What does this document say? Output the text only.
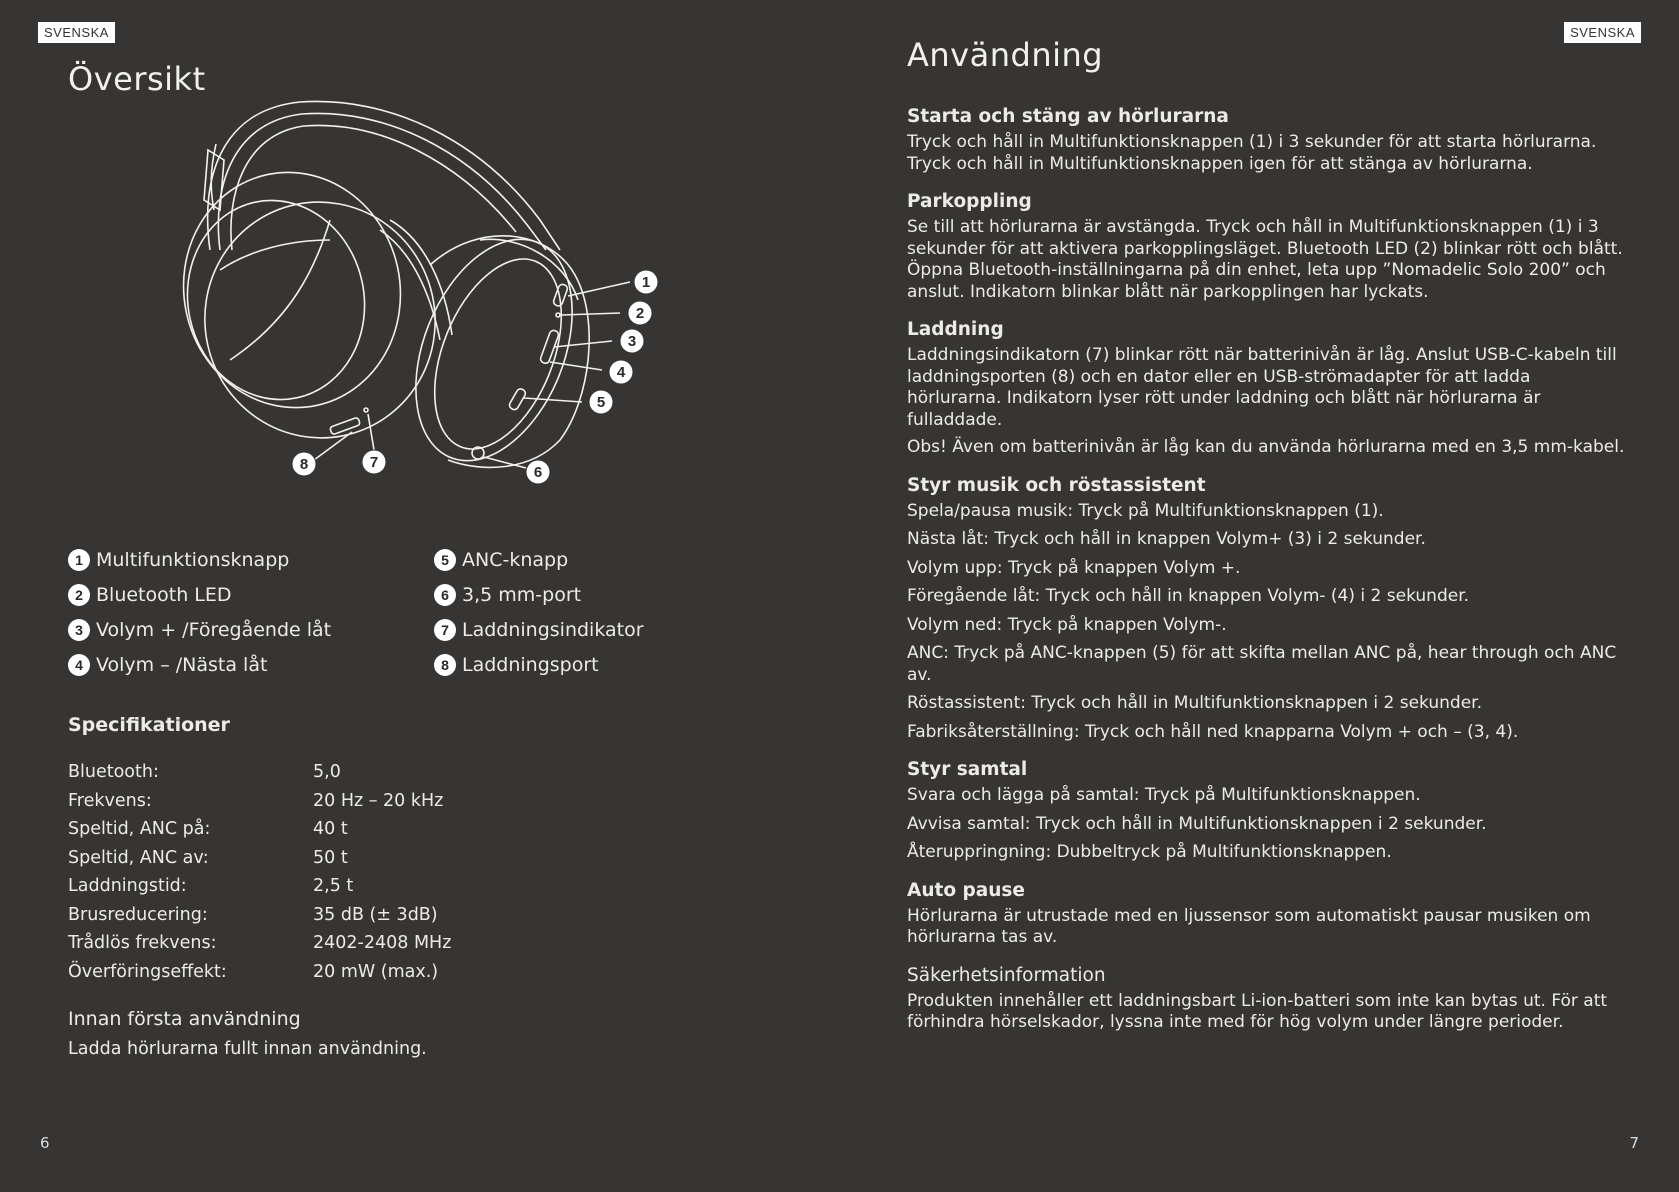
SVENSKA
Översikt
1
2
3
4
5
6
7
8
1 Multifunktionsknapp	5 ANC-knapp
2 Bluetooth LED	6 3,5 mm-port
3 Volym + /Föregående låt	7 Laddningsindikator
4 Volym – /Nästa låt	8 Laddningsport
Specifikationer
Bluetooth:	5,0
Frekvens:	20 Hz – 20 kHz
Speltid, ANC på:	40 t
Speltid, ANC av:	50 t
Laddningstid:	2,5 t
Brusreducering:	35 dB (± 3dB)
Trådlös frekvens:	2402-2408 MHz
Överföringseffekt:	20 mW (max.)
Innan första användning
Ladda hörlurarna fullt innan användning.
6
SVENSKA
Användning
Starta och stäng av hörlurarna

Tryck och håll in Multifunktionsknappen (1) i 3 sekunder för att starta hörlurarna. Tryck och håll in Multifunktionsknappen igen för att stänga av hörlurarna.

Parkoppling

Se till att hörlurarna är avstängda. Tryck och håll in Multifunktionsknappen (1) i 3 sekunder för att aktivera parkopplingsläget. Bluetooth LED (2) blinkar rött och blått. Öppna Bluetooth-inställningarna på din enhet, leta upp ”Nomadelic Solo 200” och anslut. Indikatorn blinkar blått när parkopplingen har lyckats.

Laddning

Laddningsindikatorn (7) blinkar rött när batterinivån är låg. Anslut USB-C-kabeln till laddningsporten (8) och en dator eller en USB-strömadapter för att ladda hörlurarna. Indikatorn lyser rött under laddning och blått när hörlurarna är fulladdade.

Obs! Även om batterinivån är låg kan du använda hörlurarna med en 3,5 mm-kabel.

Styr musik och röstassistent

Spela/pausa musik: Tryck på Multifunktionsknappen (1).

Nästa låt: Tryck och håll in knappen Volym+ (3) i 2 sekunder.

Volym upp: Tryck på knappen Volym +.

Föregående låt: Tryck och håll in knappen Volym- (4) i 2 sekunder.

Volym ned: Tryck på knappen Volym-.

ANC: Tryck på ANC-knappen (5) för att skifta mellan ANC på, hear through och ANC av.

Röstassistent: Tryck och håll in Multifunktionsknappen i 2 sekunder.

Fabriksåterställning: Tryck och håll ned knapparna Volym + och – (3, 4).

Styr samtal

Svara och lägga på samtal: Tryck på Multifunktionsknappen.

Avvisa samtal: Tryck och håll in Multifunktionsknappen i 2 sekunder.

Återuppringning: Dubbeltryck på Multifunktionsknappen.

Auto pause

Hörlurarna är utrustade med en ljussensor som automatiskt pausar musiken om hörlurarna tas av.

Säkerhetsinformation

Produkten innehåller ett laddningsbart Li-ion-batteri som inte kan bytas ut. För att förhindra hörselskador, lyssna inte med för hög volym under längre perioder.

7
